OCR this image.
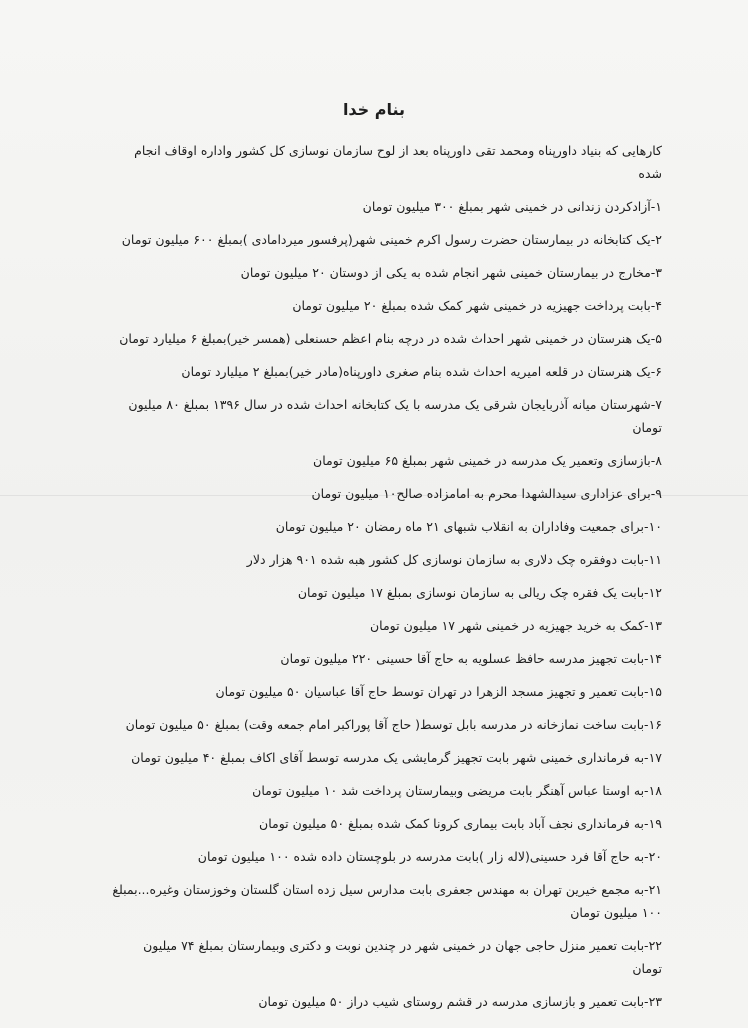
بنام خدا

کارهایی که بنیاد داورپناه ومحمد تقی داورپناه بعد از لوح سازمان نوسازی کل کشور واداره اوقاف انجام شده

۱-آزادکردن زندانی در خمینی شهر بمبلغ ۳۰۰ میلیون تومان

۲-یک کتابخانه در بیمارستان حضرت رسول اکرم خمینی شهر(پرفسور میردامادی )بمبلغ ۶۰۰ میلیون تومان

۳-مخارج در بیمارستان خمینی شهر انجام شده به یکی از دوستان ۲۰ میلیون تومان

۴-بابت پرداخت جهیزیه در خمینی شهر کمک شده بمبلغ ۲۰ میلیون تومان

۵-یک هنرستان در خمینی شهر احداث شده در درچه بنام اعظم حسنعلی (همسر خیر)بمبلغ ۶ میلیارد تومان

۶-یک هنرستان در قلعه امیریه احداث شده بنام صغری داورپناه(مادر خیر)بمبلغ ۲ میلیارد تومان

۷-شهرستان میانه آذربایجان شرقی یک مدرسه با یک کتابخانه احداث شده در سال ۱۳۹۶ بمبلغ ۸۰ میلیون تومان

۸-بازسازی وتعمیر یک مدرسه در خمینی شهر بمبلغ ۶۵ میلیون تومان

۹-برای عزاداری سیدالشهدا محرم به امامزاده صالح۱۰ میلیون تومان

۱۰-برای جمعیت وفاداران به انقلاب شبهای ۲۱ ماه رمضان ۲۰ میلیون تومان

۱۱-بابت دوفقره چک دلاری به سازمان نوسازی کل کشور هبه شده ۹۰۱ هزار دلار

۱۲-بابت یک فقره چک ریالی به سازمان نوسازی بمبلغ ۱۷ میلیون تومان

۱۳-کمک به خرید جهیزیه در خمینی شهر ۱۷ میلیون تومان

۱۴-بابت تجهیز مدرسه حافظ عسلویه به حاج آقا حسینی ۲۲۰ میلیون تومان

۱۵-بابت تعمیر و تجهیز مسجد الزهرا در تهران توسط حاج آقا عباسیان ۵۰ میلیون تومان

۱۶-بابت ساخت نمازخانه در مدرسه بابل توسط( حاج آقا پوراکبر امام جمعه وقت) بمبلغ ۵۰ میلیون تومان

۱۷-به فرمانداری خمینی شهر بابت تجهیز گرمایشی یک مدرسه توسط آقای اکاف بمبلغ ۴۰ میلیون تومان

۱۸-به اوستا عباس آهنگر بابت مریضی وبیمارستان پرداخت شد ۱۰ میلیون تومان

۱۹-به فرمانداری نجف آباد بابت بیماری کرونا کمک شده بمبلغ ۵۰ میلیون تومان

۲۰-به حاج آقا فرد حسینی(لاله زار )بابت مدرسه در بلوچستان داده شده ۱۰۰ میلیون تومان

۲۱-به مجمع خیرین تهران به مهندس جعفری بابت مدارس سیل زده استان گلستان وخوزستان وغیره...بمبلغ ۱۰۰ میلیون تومان

۲۲-بابت تعمیر منزل حاجی جهان در خمینی شهر در چندین نوبت و دکتری وبیمارستان بمبلغ ۷۴ میلیون تومان

۲۳-بابت تعمیر و بازسازی مدرسه در قشم روستای شیب دراز ۵۰ میلیون تومان
